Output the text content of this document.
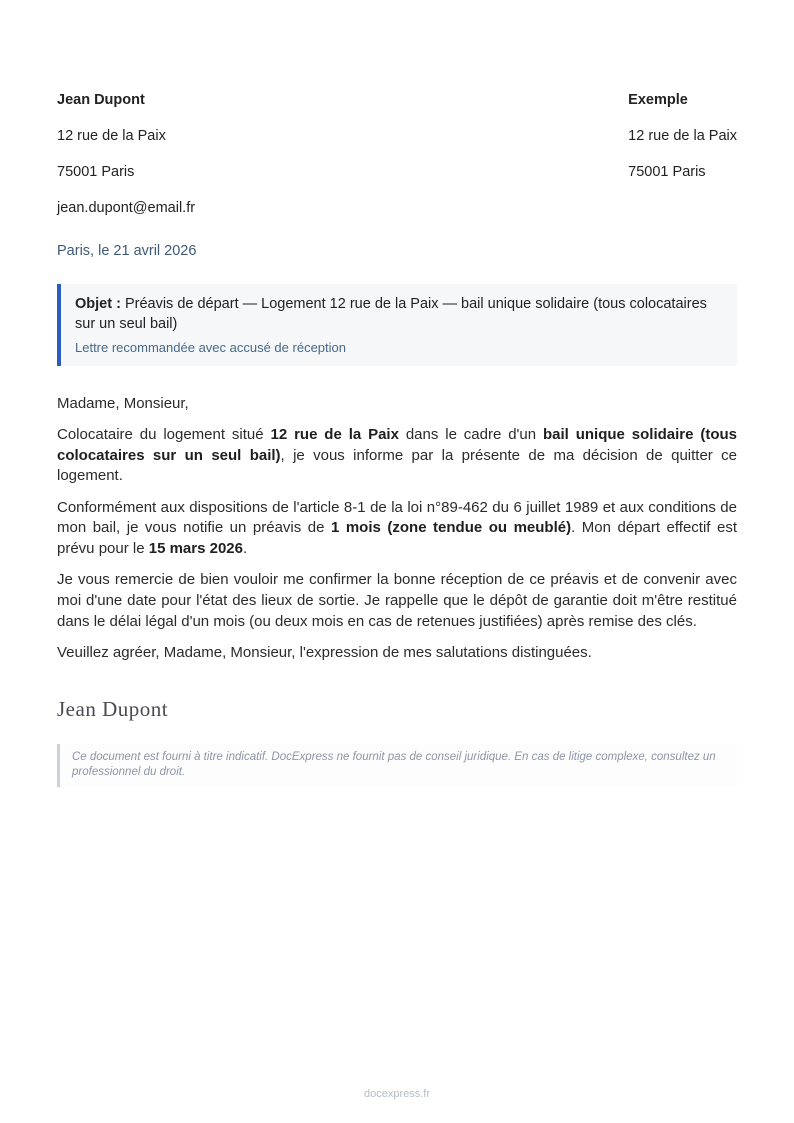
Jean Dupont

12 rue de la Paix

75001 Paris

jean.dupont@email.fr

Exemple

12 rue de la Paix

75001 Paris

Paris, le 21 avril 2026
Objet : Préavis de départ — Logement 12 rue de la Paix — bail unique solidaire (tous colocataires sur un seul bail)
Lettre recommandée avec accusé de réception

Madame, Monsieur,

Colocataire du logement situé 12 rue de la Paix dans le cadre d'un bail unique solidaire (tous colocataires sur un seul bail), je vous informe par la présente de ma décision de quitter ce logement.

Conformément aux dispositions de l'article 8-1 de la loi n°89-462 du 6 juillet 1989 et aux conditions de mon bail, je vous notifie un préavis de 1 mois (zone tendue ou meublé). Mon départ effectif est prévu pour le 15 mars 2026.

Je vous remercie de bien vouloir me confirmer la bonne réception de ce préavis et de convenir avec moi d'une date pour l'état des lieux de sortie. Je rappelle que le dépôt de garantie doit m'être restitué dans le délai légal d'un mois (ou deux mois en cas de retenues justifiées) après remise des clés.

Veuillez agréer, Madame, Monsieur, l'expression de mes salutations distinguées.

Jean Dupont
Ce document est fourni à titre indicatif. DocExpress ne fournit pas de conseil juridique. En cas de litige complexe, consultez un professionnel du droit.
docexpress.fr
